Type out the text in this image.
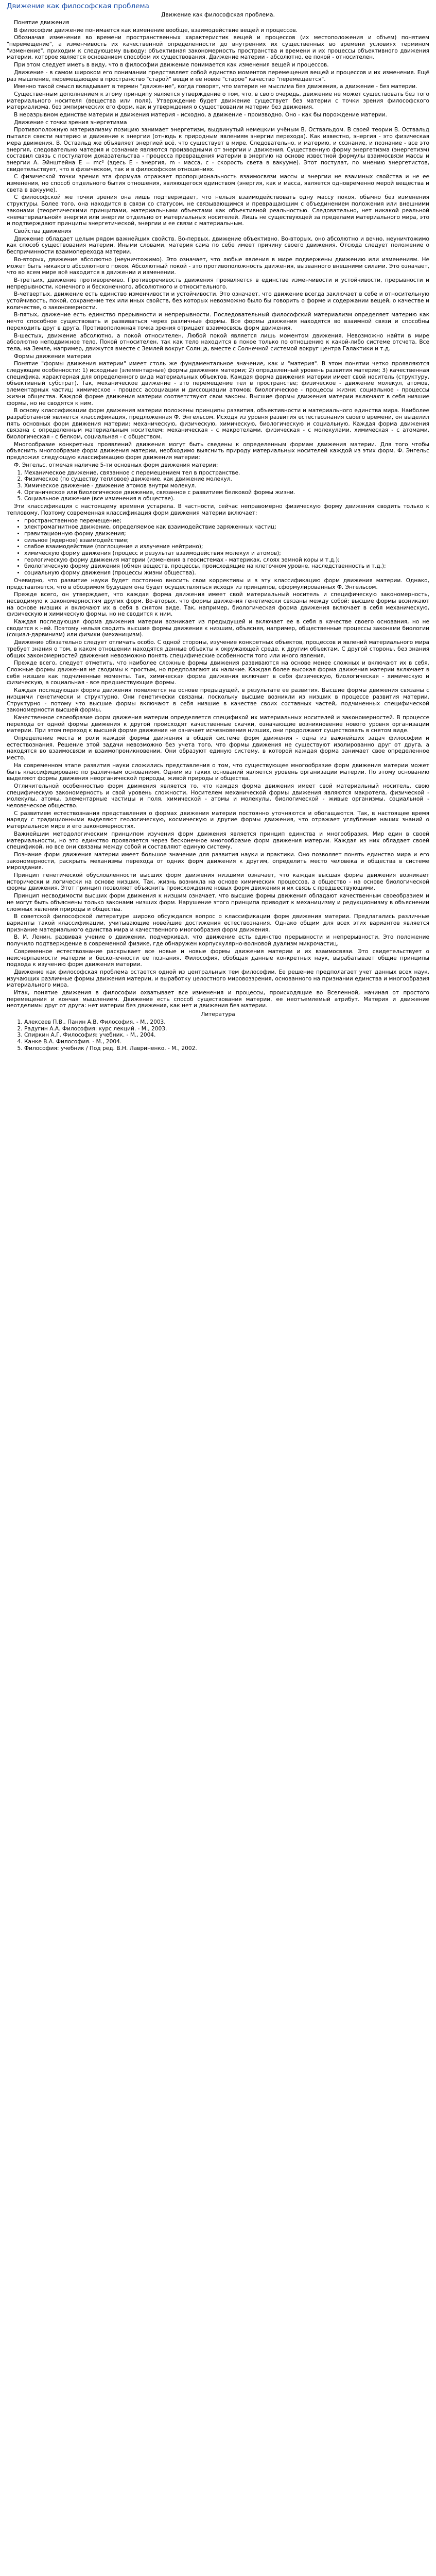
Движение как философская проблема
Движение как философская проблема.
Понятие движения

В философии движение понимается как изменение вообще, взаимодействие вещей и процессов.

Обозначая изменения во времени пространственных характеристик вещей и процессов (их местоположения и объем) понятием "перемещение", а изменчивость их качественной определенности до внутренних их существенных во времени условиях термином "изменение", приходим к следующему выводу: объективная закономерность пространства и времени и их процессы объективного движения материи, которое является основанием способом их существования. Движение материи - абсолютно, ее покой - относителен.

При этом следует иметь в виду, что в философии движение понимается как изменения вещей и процессов.

Движение - в самом широком его понимании представляет собой единство моментов перемещения вещей и процессов и их изменения. Ещё раз мышление, перемещающее в пространство "старой" вещи и ее новое "старое" качество "перемещается".

Именно такой смысл вкладывает в термин "движение", когда говорят, что материя не мыслима без движения, а движение - без материи.

Существенным дополнением к этому принципу является утверждение о том, что, в свою очередь, движение не может существовать без того материального носителя (вещества или поля). Утверждение будет движение существует без материи с точки зрения философского материализма, без эмпирических его форм, как и утверждения о существовании материи без движения.

В неразрывном единстве материи и движения материя - исходно, а движение - производно. Оно - как бы порождение материи.

Движение с точки зрения энергетизма

Противоположную материализму позицию занимает энергетизм, выдвинутый немецким учёным В. Оствальдом. В своей теории В. Оствальд пытался свести материю и движение к энергии (отнюдь к природным явлениям энергии перехода). Как известно, энергия - это физическая мера движения. В. Оствальд же объявляет энергией всё, что существует в мире. Следовательно, и материю, и сознание, и познание - все это энергия, следовательно материя и сознание являются производными от энергии и движения. Существенную форму энергетизма (энергетизм) составил связь с постулатом доказательства - процесса превращения материи в энергию на основе известной формулы взаимосвязи массы и энергии А. Эйнштейна E = mc² (здесь E - энергия, m - масса, c - скорость света в вакууме). Этот постулат, по мнению энергетистов, свидетельствует, что в физическом, так и в философском отношениях.

С физической точки зрения эта формула отражает пропорциональность взаимосвязи массы и энергии не взаимных свойства и не ее изменения, но способ отдельного бытия отношения, являющегося единством (энергия, как и масса, является одновременно мерой вещества и света в вакууме).

С философской же точки зрения она лишь подтверждает, что нельзя взаимодействовать одну массу покоя, обычно без изменения структуры. Более того, она находится в связи со статусом, не связывающимся и превращающим с объединением положения или внешними законами (теоретическими принципами, материальными объектами как объективной реальностью. Следовательно, нет никакой реальной «нематериальной» энергии или энергии отдельно от материальных носителей. Лишь не существующей за пределами материального мира, это и подтверждают принципы энергетической, энергии и ее связи с материальным.

Свойства движения

Движение обладает целым рядом важнейших свойств. Во-первых, движение объективно. Во-вторых, оно абсолютно и вечно, неуничтожимо как способ существования материи. Иными словами, материя сама по себе имеет причину своего движения. Отсюда следует положение о беспричинности взаимоперехода материи.

Во-вторых, движение абсолютно (неуничтожимо). Это означает, что любые явления в мире подвержены движению или изменениям. Не может быть никакого абсолютного покоя. Абсолютный покой - это противоположность движения, вызванного внешними силами. Это означает, что во всем мире всё находится в движении и изменении.

В-третьих, движение противоречиво. Противоречивость движения проявляется в единстве изменчивости и устойчивости, прерывности и непрерывности, конечного и бесконечного, абсолютного и относительного.

В-четвертых, движение есть единство изменчивости и устойчивости. Это означает, что движение всегда заключает в себе и относительную устойчивость, покой, сохранение тех или иных свойств, без которых невозможно было бы говорить о форме и содержании вещей, о качестве и количестве, о закономерности.

В-пятых, движение есть единство прерывности и непрерывности. Последовательный философский материализм определяет материю как нечто способное существовать и развиваться через различные формы. Все формы движения находятся во взаимной связи и способны переходить друг в друга. Противоположная точка зрения отрицает взаимосвязь форм движения.

В-шестых, движение абсолютно, а покой относителен. Любой покой является лишь моментом движения. Невозможно найти в мире абсолютно неподвижное тело. Покой относителен, так как тело находится в покое только по отношению к какой-либо системе отсчета. Все тела, на Земле, например, движутся вместе с Землей вокруг Солнца, вместе с Солнечной системой вокруг центра Галактики и т.д.

Формы движения материи

Понятие "формы движения материи" имеет столь же фундаментальное значение, как и "материя". В этом понятии четко проявляются следующие особенности: 1) исходные (элементарные) формы движения материи; 2) определенный уровень развития материи; 3) качественная специфика, характерная для определенного вида материальных объектов. Каждая форма движения материи имеет свой носитель (структуру, объективный субстрат). Так, механическое движение - это перемещение тел в пространстве; физическое - движение молекул, атомов, элементарных частиц; химическое - процесс ассоциации и диссоциации атомов; биологическое - процессы жизни; социальное - процессы жизни общества. Каждой форме движения материи соответствуют свои законы. Высшие формы движения материи включают в себя низшие формы, но не сводятся к ним.

В основу классификации форм движения материи положены принципы развития, объективности и материального единства мира. Наиболее разработанной является классификация, предложенная Ф. Энгельсом. Исходя из уровня развития естествознания своего времени, он выделил пять основных форм движения материи: механическую, физическую, химическую, биологическую и социальную. Каждая форма движения связана с определенным материальным носителем: механическая - с макротелами, физическая - с молекулами, химическая - с атомами, биологическая - с белком, социальная - с обществом.

Многообразие конкретных проявлений движения могут быть сведены к определенным формам движения материи. Для того чтобы объяснить многообразие форм движения материи, необходимо выяснить природу материальных носителей каждой из этих форм. Ф. Энгельс предложил следующую классификацию форм движения материи:

Ф. Энгельс, отмечая наличие 5-ти основных форм движения материи:

1. Механическое движение, связанное с перемещением тел в пространстве.
2. Физическое (по существу тепловое) движение, как движение молекул.
3. Химическое движение - движение атомов внутри молекул.
4. Органическое или биологическое движение, связанное с развитием белковой формы жизни.
5. Социальное движение (все изменения в обществе).

Эти классификация с настоящему времени устарела. В частности, сейчас неправомерно физическую форму движения сводить только к тепловому. Поэтому современная классификация форм движения материи включает:

• пространственное перемещение;
• электромагнитное движение, определяемое как взаимодействие заряженных частиц;
• гравитационную форму движения;
• сильное (ядерное) взаимодействие;
• слабое взаимодействие (поглощение и излучение нейтрино);
• химическую форму движения (процесс и результат взаимодействия молекул и атомов);
• геологическую форму движения материи (изменения в геосистемах - материках, слоях земной коры и т.д.);
• биологическую форму движения (обмен веществ, процессы, происходящие на клеточном уровне, наследственность и т.д.);
• социальную форму движения (процессы жизни общества).

Очевидно, что развитие науки будет постоянно вносить свои коррективы и в эту классификацию форм движения материи. Однако, представляется, что в обозримом будущем она будет осуществляться исходя из принципов, сформулированных Ф. Энгельсом.

Прежде всего, он утверждает, что каждая форма движения имеет свой материальный носитель и специфическую закономерность, несводимую к закономерностям других форм. Во-вторых, что формы движения генетически связаны между собой: высшие формы возникают на основе низших и включают их в себя в снятом виде. Так, например, биологическая форма движения включает в себя механическую, физическую и химическую формы, но не сводится к ним.

Каждая последующая форма движения материи возникает из предыдущей и включает ее в себя в качестве своего основания, но не сводится к ней. Поэтому нельзя сводить высшие формы движения к низшим, объясняя, например, общественные процессы законами биологии (социал-дарвинизм) или физики (механицизм).

Движение обязательно следует отличать особо. С одной стороны, изучение конкретных объектов, процессов и явлений материального мира требует знания о том, в каком отношении находятся данные объекты к окружающей среде, к другим объектам. С другой стороны, без знания общих закономерностей движения невозможно понять специфические особенности того или иного явления.

Прежде всего, следует отметить, что наиболее сложные формы движения развиваются на основе менее сложных и включают их в себя. Сложные формы движения не сводимы к простым, но предполагают их наличие. Каждая более высокая форма движения материи включает в себя низшие как подчиненные моменты. Так, химическая форма движения включает в себя физическую, биологическая - химическую и физическую, а социальная - все предшествующие формы.

Каждая последующая форма движения появляется на основе предыдущей, в результате ее развития. Высшие формы движения связаны с низшими генетически и структурно. Они генетически связаны, поскольку высшие возникли из низших в процессе развития материи. Структурно - потому что высшие формы включают в себя низшие в качестве своих составных частей, подчиненных специфической закономерности высшей формы.

Качественное своеобразие форм движения материи определяется спецификой их материальных носителей и закономерностей. В процессе перехода от одной формы движения к другой происходят качественные скачки, означающие возникновение нового уровня организации материи. При этом переход к высшей форме движения не означает исчезновения низших, они продолжают существовать в снятом виде.

Определение места и роли каждой формы движения в общей системе форм движения - одна из важнейших задач философии и естествознания. Решение этой задачи невозможно без учета того, что формы движения не существуют изолированно друг от друга, а находятся во взаимосвязи и взаимопроникновении. Они образуют единую систему, в которой каждая форма занимает свое определенное место.

На современном этапе развития науки сложились представления о том, что существующее многообразие форм движения материи может быть классифицировано по различным основаниям. Одним из таких оснований является уровень организации материи. По этому основанию выделяют формы движения неорганической природы, живой природы и общества.

Отличительной особенностью форм движения является то, что каждая форма движения имеет свой материальный носитель, свою специфическую закономерность и свой уровень сложности. Носителем механической формы движения являются макротела, физической - молекулы, атомы, элементарные частицы и поля, химической - атомы и молекулы, биологической - живые организмы, социальной - человеческое общество.

С развитием естествознания представления о формах движения материи постоянно уточняются и обогащаются. Так, в настоящее время наряду с традиционными выделяют геологическую, космическую и другие формы движения, что отражает углубление наших знаний о материальном мире и его закономерностях.

Важнейшим методологическим принципом изучения форм движения является принцип единства и многообразия. Мир един в своей материальности, но это единство проявляется через бесконечное многообразие форм движения материи. Каждая из них обладает своей спецификой, но все они связаны между собой и составляют единую систему.

Познание форм движения материи имеет большое значение для развития науки и практики. Оно позволяет понять единство мира и его закономерности, раскрыть механизмы перехода от одних форм движения к другим, определить место человека и общества в системе мироздания.

Принцип генетической обусловленности высших форм движения низшими означает, что каждая высшая форма движения возникает исторически и логически на основе низших. Так, жизнь возникла на основе химических процессов, а общество - на основе биологической формы движения. Этот принцип позволяет объяснить происхождение новых форм движения и их связь с предшествующими.

Принцип несводимости высших форм движения к низшим означает, что высшие формы движения обладают качественным своеобразием и не могут быть объяснены только законами низших форм. Нарушение этого принципа приводит к механицизму и редукционизму в объяснении сложных явлений природы и общества.

В советской философской литературе широко обсуждался вопрос о классификации форм движения материи. Предлагались различные варианты такой классификации, учитывающие новейшие достижения естествознания. Однако общим для всех этих вариантов является признание материального единства мира и качественного многообразия форм движения.

В. И. Ленин, развивая учение о движении, подчеркивал, что движение есть единство прерывности и непрерывности. Это положение получило подтверждение в современной физике, где обнаружен корпускулярно-волновой дуализм микрочастиц.

Современное естествознание раскрывает все новые и новые формы движения материи и их взаимосвязи. Это свидетельствует о неисчерпаемости материи и бесконечности ее познания. Философия, обобщая данные конкретных наук, вырабатывает общие принципы подхода к изучению форм движения материи.

Движение как философская проблема остается одной из центральных тем философии. Ее решение предполагает учет данных всех наук, изучающих различные формы движения материи, и выработку целостного мировоззрения, основанного на признании единства и многообразия материального мира.

Итак, понятие движения в философии охватывает все изменения и процессы, происходящие во Вселенной, начиная от простого перемещения и кончая мышлением. Движение есть способ существования материи, ее неотъемлемый атрибут. Материя и движение неотделимы друг от друга: нет материи без движения, как нет и движения без материи.

Литература
1. Алексеев П.В., Панин А.В. Философия. - М., 2003.
2. Радугин А.А. Философия: курс лекций. - М., 2003.
3. Спиркин А.Г. Философия: учебник. - М., 2004.
4. Канке В.А. Философия. - М., 2004.
5. Философия: учебник / Под ред. В.Н. Лавриненко. - М., 2002.
